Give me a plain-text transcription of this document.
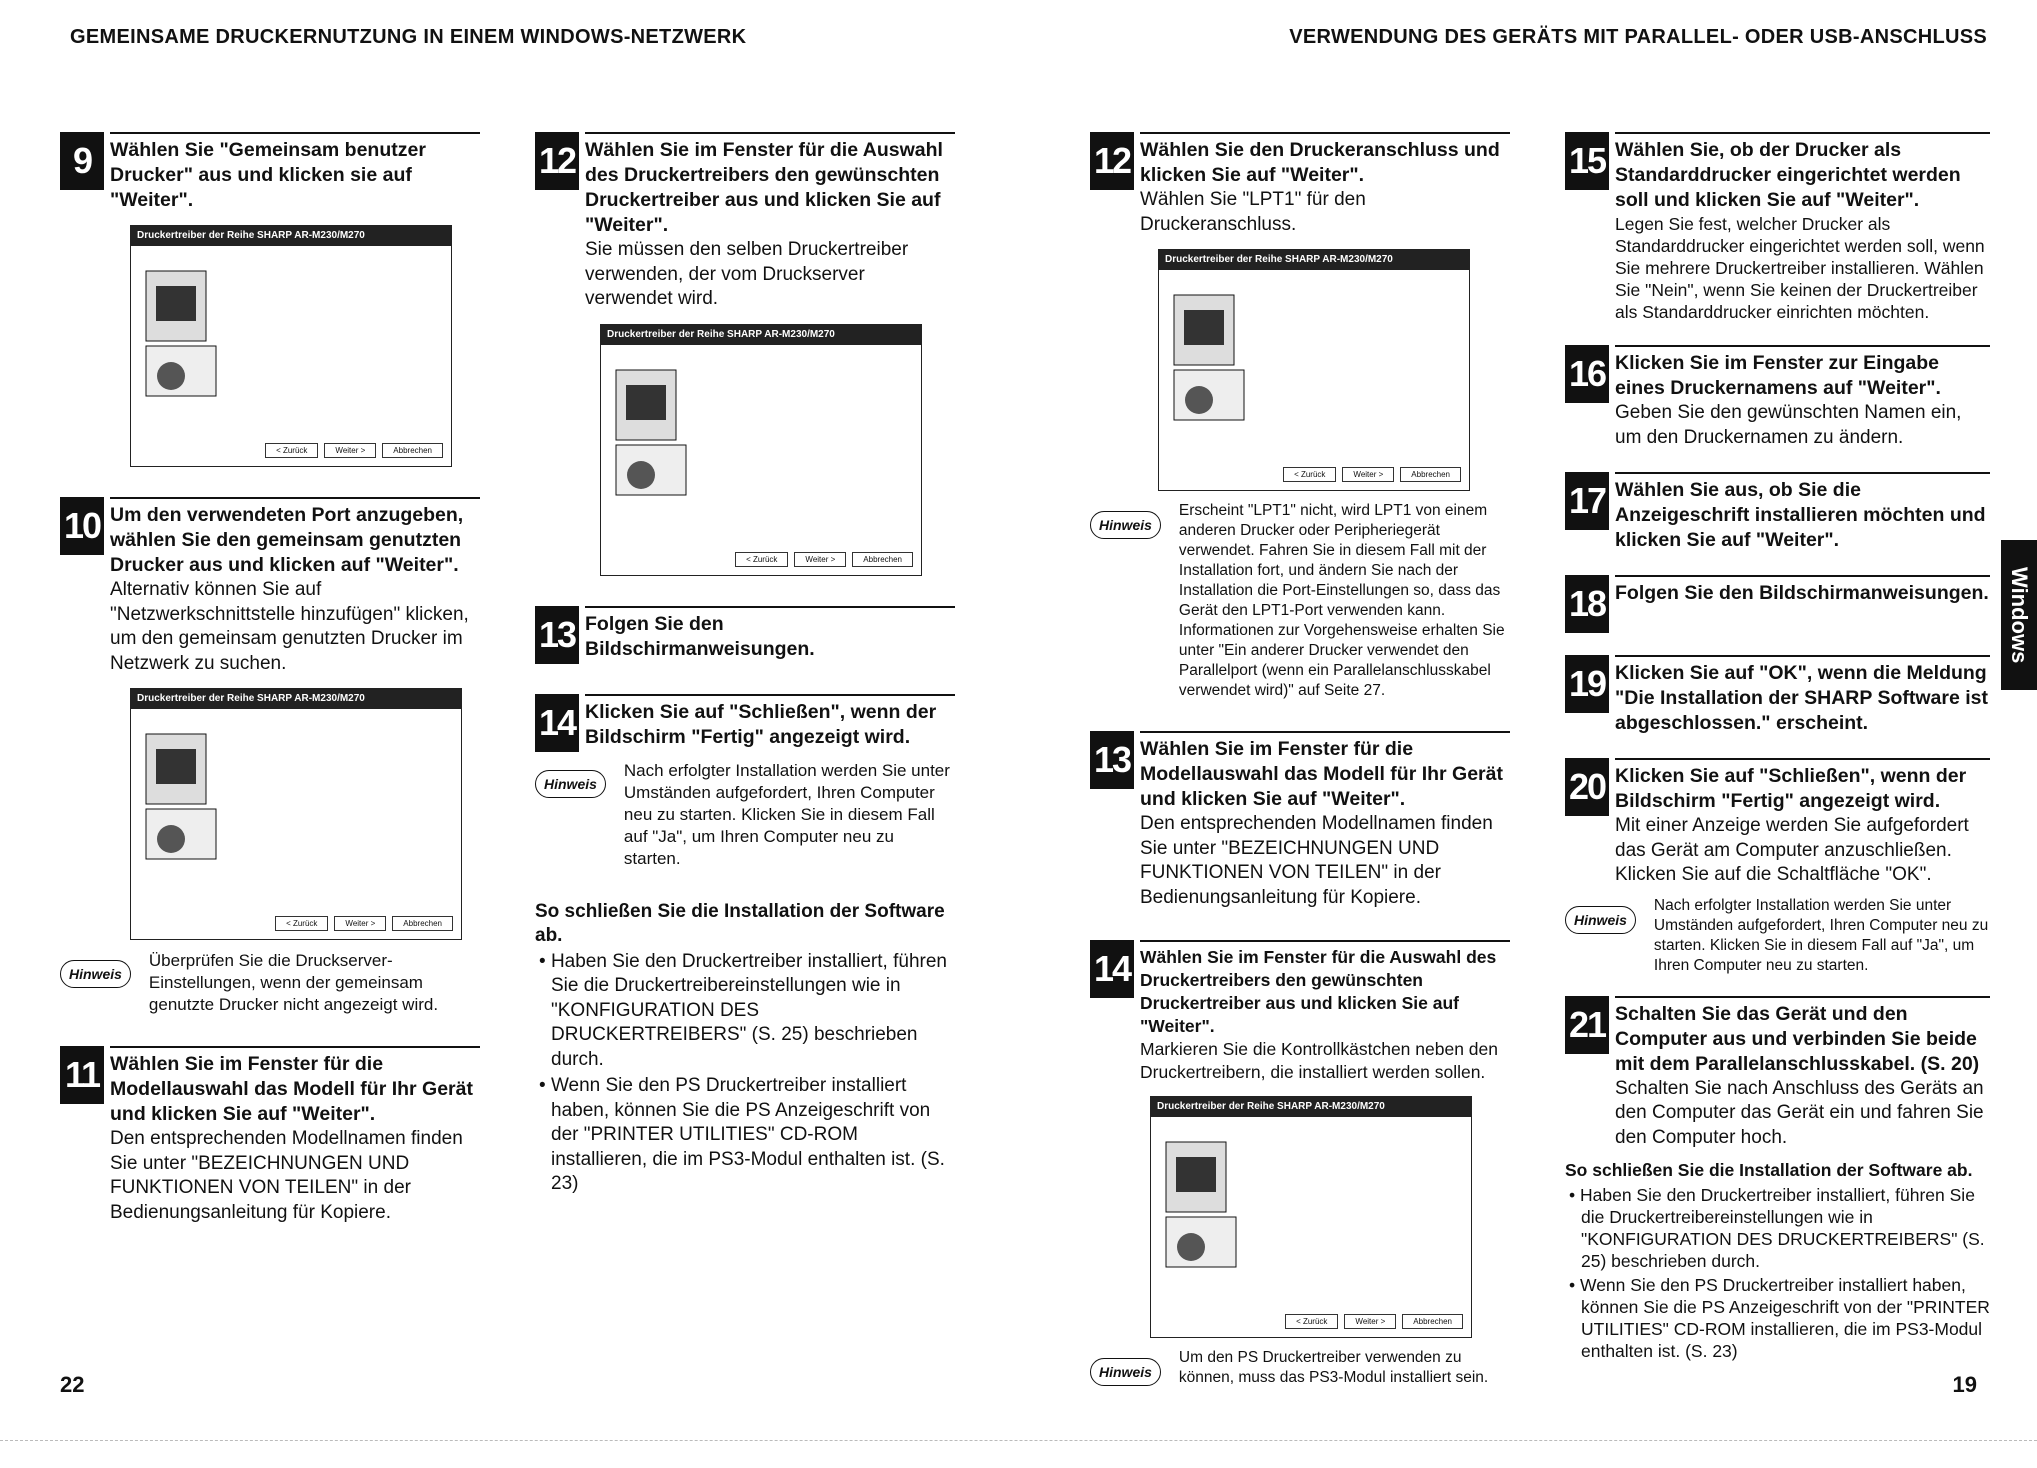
GEMEINSAME DRUCKERNUTZUNG IN EINEM WINDOWS-NETZWERK	VERWENDUNG DES GERÄTS MIT PARALLEL- ODER USB-ANSCHLUSS
9 Wählen Sie "Gemeinsam benutzer Drucker" aus und klicken sie auf "Weiter".
Druckertreiber der Reihe SHARP AR-M230/M270
< Zurück	Weiter >	Abbrechen
10 Um den verwendeten Port anzugeben, wählen Sie den gemeinsam genutzten Drucker aus und klicken auf "Weiter".
Alternativ können Sie auf "Netzwerkschnittstelle hinzufügen" klicken, um den gemeinsam genutzten Drucker im Netzwerk zu suchen.
Druckertreiber der Reihe SHARP AR-M230/M270
< Zurück	Weiter >	Abbrechen
Hinweis
Überprüfen Sie die Druckserver-Einstellungen, wenn der gemeinsam genutzte Drucker nicht angezeigt wird.
11 Wählen Sie im Fenster für die Modellauswahl das Modell für Ihr Gerät und klicken Sie auf "Weiter".
Den entsprechenden Modellnamen finden Sie unter "BEZEICHNUNGEN UND FUNKTIONEN VON TEILEN" in der Bedienungsanleitung für Kopiere.
12 Wählen Sie im Fenster für die Auswahl des Druckertreibers den gewünschten Druckertreiber aus und klicken Sie auf "Weiter".
Sie müssen den selben Druckertreiber verwenden, der vom Druckserver verwendet wird.
Druckertreiber der Reihe SHARP AR-M230/M270
< Zurück	Weiter >	Abbrechen
13 Folgen Sie den Bildschirmanweisungen.
14 Klicken Sie auf "Schließen", wenn der Bildschirm "Fertig" angezeigt wird.
Hinweis
Nach erfolgter Installation werden Sie unter Umständen aufgefordert, Ihren Computer neu zu starten. Klicken Sie in diesem Fall auf "Ja", um Ihren Computer neu zu starten.
So schließen Sie die Installation der Software ab.
• Haben Sie den Druckertreiber installiert, führen Sie die Druckertreibereinstellungen wie in "KONFIGURATION DES DRUCKERTREIBERS" (S. 25) beschrieben durch.
• Wenn Sie den PS Druckertreiber installiert haben, können Sie die PS Anzeigeschrift von der "PRINTER UTILITIES" CD-ROM installieren, die im PS3-Modul enthalten ist. (S. 23)
12 Wählen Sie den Druckeranschluss und klicken Sie auf "Weiter".
Wählen Sie "LPT1" für den Druckeranschluss.
Druckertreiber der Reihe SHARP AR-M230/M270
< Zurück	Weiter >	Abbrechen
Hinweis
Erscheint "LPT1" nicht, wird LPT1 von einem anderen Drucker oder Peripheriegerät verwendet. Fahren Sie in diesem Fall mit der Installation fort, und ändern Sie nach der Installation die Port-Einstellungen so, dass das Gerät den LPT1-Port verwenden kann. Informationen zur Vorgehensweise erhalten Sie unter "Ein anderer Drucker verwendet den Parallelport (wenn ein Parallelanschlusskabel verwendet wird)" auf Seite 27.
13 Wählen Sie im Fenster für die Modellauswahl das Modell für Ihr Gerät und klicken Sie auf "Weiter".
Den entsprechenden Modellnamen finden Sie unter "BEZEICHNUNGEN UND FUNKTIONEN VON TEILEN" in der Bedienungsanleitung für Kopiere.
14 Wählen Sie im Fenster für die Auswahl des Druckertreibers den gewünschten Druckertreiber aus und klicken Sie auf "Weiter".
Markieren Sie die Kontrollkästchen neben den Druckertreibern, die installiert werden sollen.
Druckertreiber der Reihe SHARP AR-M230/M270
< Zurück	Weiter >	Abbrechen
Hinweis
Um den PS Druckertreiber verwenden zu können, muss das PS3-Modul installiert sein.
15 Wählen Sie, ob der Drucker als Standarddrucker eingerichtet werden soll und klicken Sie auf "Weiter".
Legen Sie fest, welcher Drucker als Standarddrucker eingerichtet werden soll, wenn Sie mehrere Druckertreiber installieren. Wählen Sie "Nein", wenn Sie keinen der Druckertreiber als Standarddrucker einrichten möchten.
16 Klicken Sie im Fenster zur Eingabe eines Druckernamens auf "Weiter".
Geben Sie den gewünschten Namen ein, um den Druckernamen zu ändern.
17 Wählen Sie aus, ob Sie die Anzeigeschrift installieren möchten und klicken Sie auf "Weiter".
18 Folgen Sie den Bildschirmanweisungen.
19 Klicken Sie auf "OK", wenn die Meldung "Die Installation der SHARP Software ist abgeschlossen." erscheint.
20 Klicken Sie auf "Schließen", wenn der Bildschirm "Fertig" angezeigt wird.
Mit einer Anzeige werden Sie aufgefordert das Gerät am Computer anzuschließen. Klicken Sie auf die Schaltfläche "OK".
Hinweis
Nach erfolgter Installation werden Sie unter Umständen aufgefordert, Ihren Computer neu zu starten. Klicken Sie in diesem Fall auf "Ja", um Ihren Computer neu zu starten.
21 Schalten Sie das Gerät und den Computer aus und verbinden Sie beide mit dem Parallelanschlusskabel. (S. 20)
Schalten Sie nach Anschluss des Geräts an den Computer das Gerät ein und fahren Sie den Computer hoch.
So schließen Sie die Installation der Software ab.
• Haben Sie den Druckertreiber installiert, führen Sie die Druckertreibereinstellungen wie in "KONFIGURATION DES DRUCKERTREIBERS" (S. 25) beschrieben durch.
• Wenn Sie den PS Druckertreiber installiert haben, können Sie die PS Anzeigeschrift von der "PRINTER UTILITIES" CD-ROM installieren, die im PS3-Modul enthalten ist. (S. 23)
Windows
22	19
